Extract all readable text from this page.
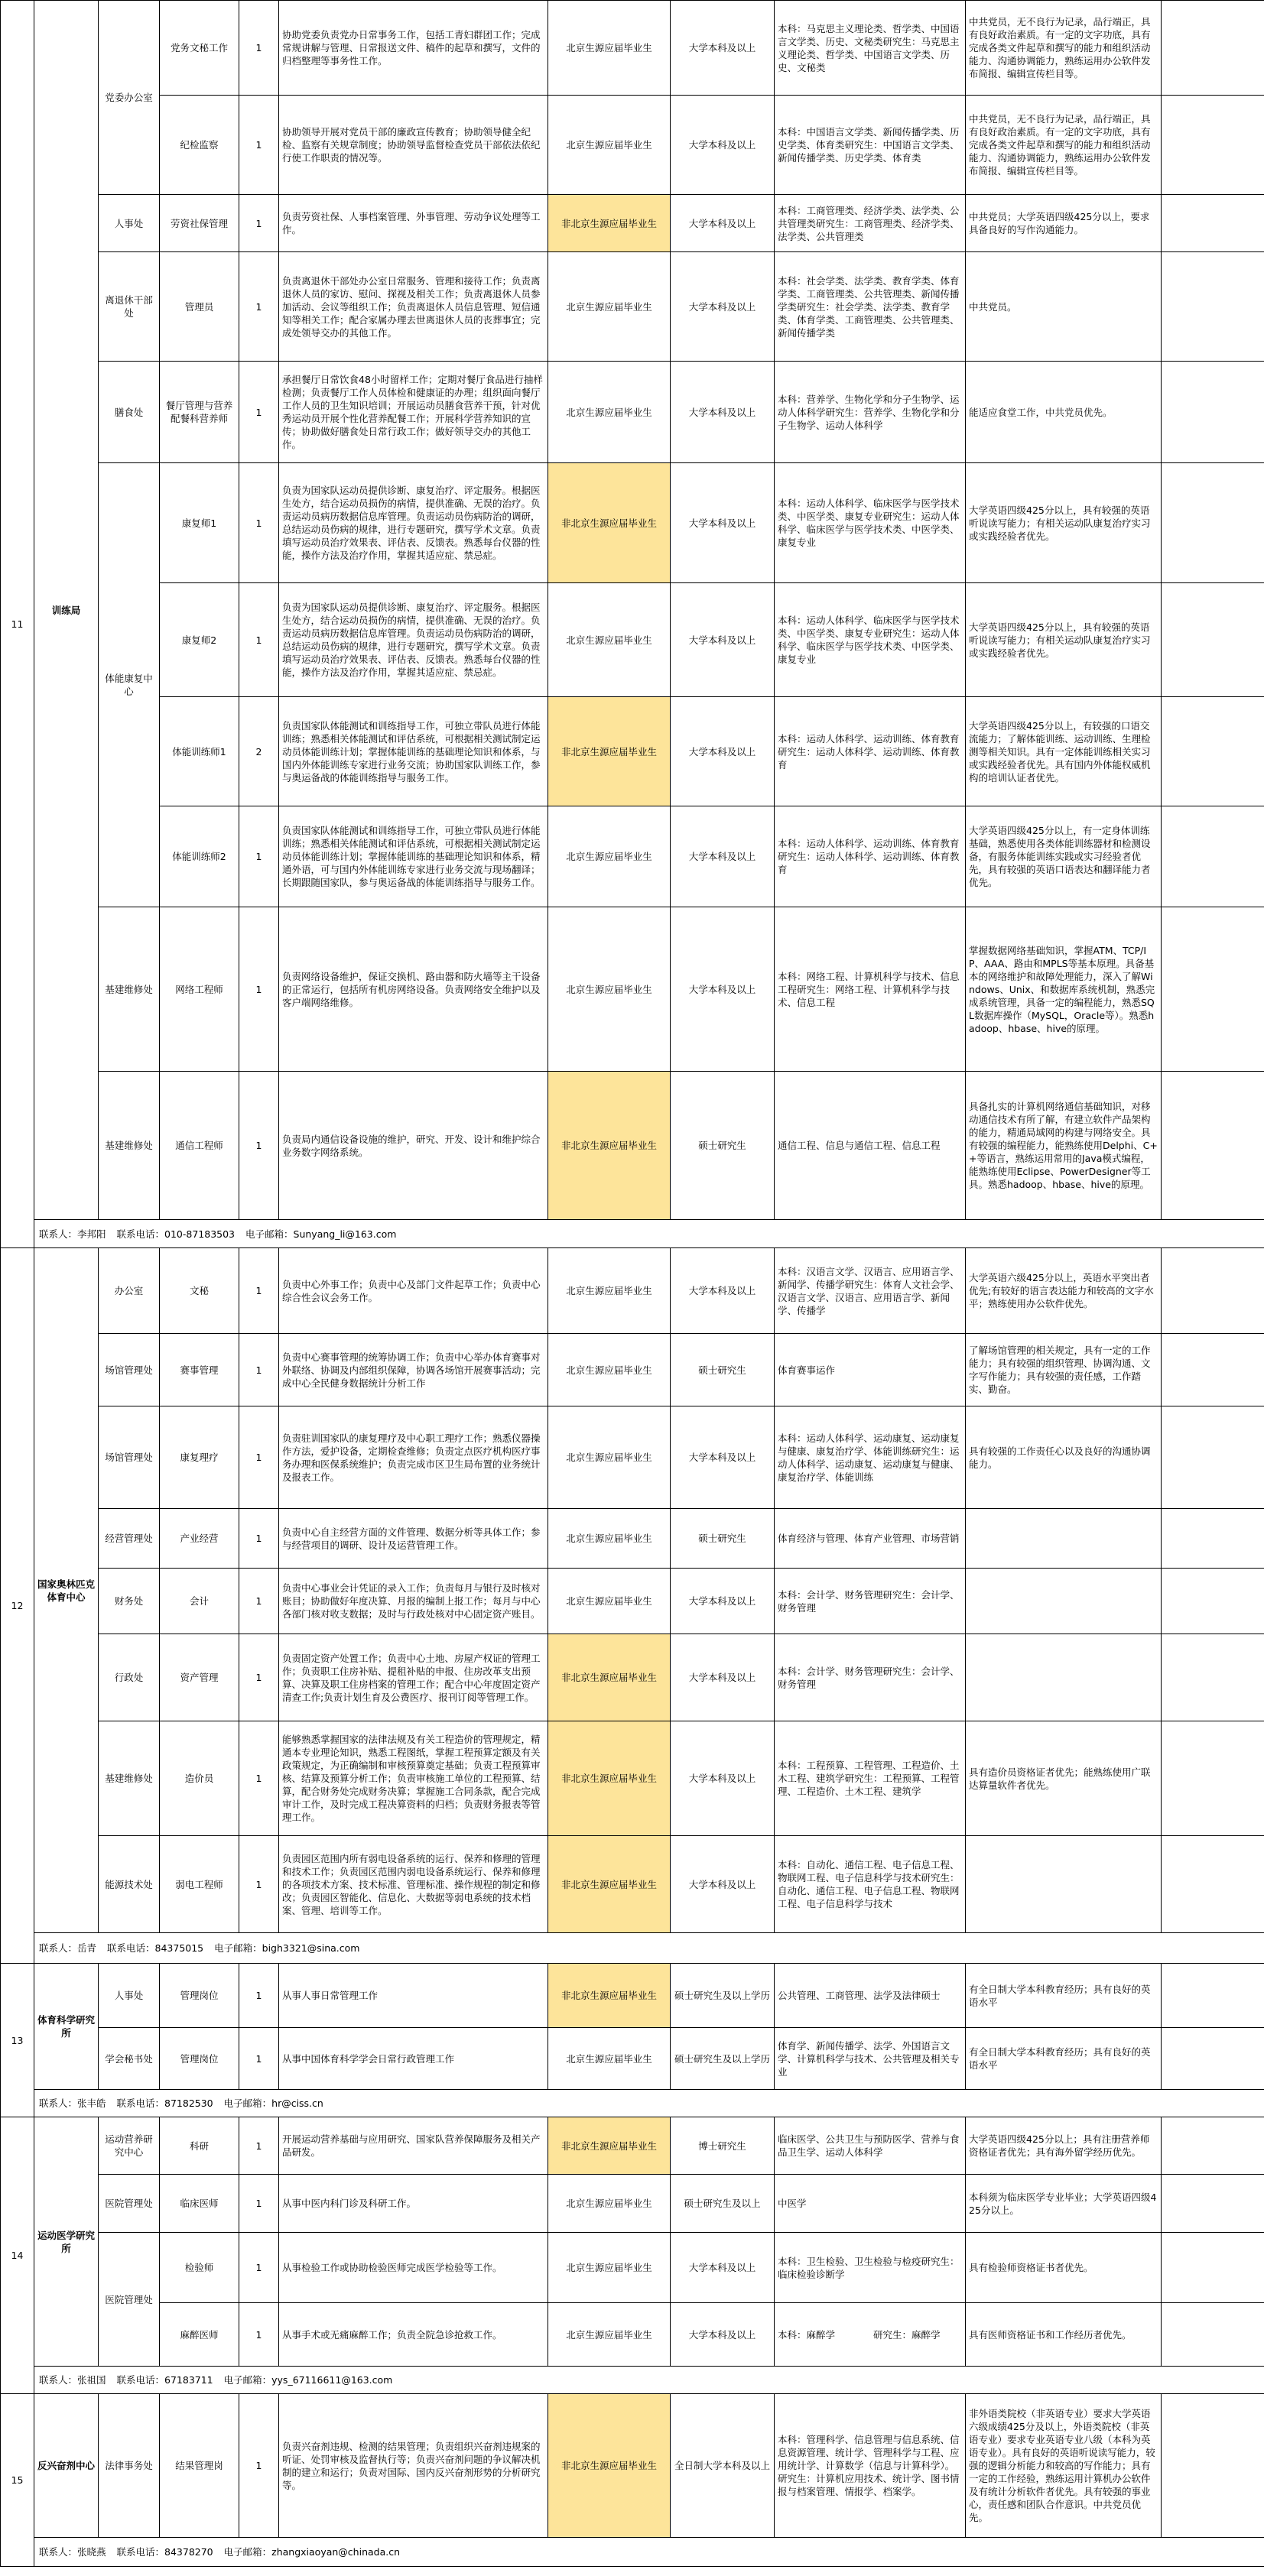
11	训练局	党委办公室	党务文秘工作	1	协助党委负责党办日常事务工作，包括工青妇群团工作；完成常规讲解与管理、日常报送文件、稿件的起草和撰写，文件的归档整理等事务性工作。	北京生源应届毕业生	大学本科及以上	本科：马克思主义理论类、哲学类、中国语言文学类、历史、文秘类研究生：马克思主义理论类、哲学类、中国语言文学类、历史、文秘类	中共党员，无不良行为记录，品行端正，具有良好政治素质。有一定的文字功底，具有完成各类文件起草和撰写的能力和组织活动能力、沟通协调能力，熟练运用办公软件发布简报、编辑宣传栏目等。	
			纪检监察	1	协助领导开展对党员干部的廉政宣传教育；协助领导健全纪检、监察有关规章制度；协助领导监督检查党员干部依法依纪行使工作职责的情况等。	北京生源应届毕业生	大学本科及以上	本科：中国语言文学类、新闻传播学类、历史学类、体育类研究生：中国语言文学类、新闻传播学类、历史学类、体育类	中共党员，无不良行为记录，品行端正，具有良好政治素质。有一定的文字功底，具有完成各类文件起草和撰写的能力和组织活动能力、沟通协调能力，熟练运用办公软件发布简报、编辑宣传栏目等。	
		人事处	劳资社保管理	1	负责劳资社保、人事档案管理、外事管理、劳动争议处理等工作。	非北京生源应届毕业生	大学本科及以上	本科：工商管理类、经济学类、法学类、公共管理类研究生：工商管理类、经济学类、法学类、公共管理类	中共党员；大学英语四级425分以上，要求具备良好的写作沟通能力。	
		离退休干部处	管理员	1	负责离退休干部处办公室日常服务、管理和接待工作；负责离退休人员的家访、慰问、探视及相关工作；负责离退休人员参加活动、会议等组织工作；负责离退休人员信息管理、短信通知等相关工作；配合家属办理去世离退休人员的丧葬事宜；完成处领导交办的其他工作。	北京生源应届毕业生	大学本科及以上	本科：社会学类、法学类、教育学类、体育学类、工商管理类、公共管理类、新闻传播学类研究生：社会学类、法学类、教育学类、体育学类、工商管理类、公共管理类、新闻传播学类	中共党员。	
		膳食处	餐厅管理与营养配餐科营养师	1	承担餐厅日常饮食48小时留样工作；定期对餐厅食品进行抽样检测；负责餐厅工作人员体检和健康证的办理；组织面向餐厅工作人员的卫生知识培训；开展运动员膳食营养干预，针对优秀运动员开展个性化营养配餐工作；开展科学营养知识的宣传；协助做好膳食处日常行政工作；做好领导交办的其他工作。	北京生源应届毕业生	大学本科及以上	本科：营养学、生物化学和分子生物学、运动人体科学研究生：营养学、生物化学和分子生物学、运动人体科学	能适应食堂工作，中共党员优先。	
		体能康复中心	康复师1	1	负责为国家队运动员提供诊断、康复治疗、评定服务。根据医生处方，结合运动员损伤的病情，提供准确、无误的治疗。负责运动员病历数据信息库管理。负责运动员伤病防治的调研，总结运动员伤病的规律，进行专题研究，撰写学术文章。负责填写运动员治疗效果表、评估表、反馈表。熟悉每台仪器的性能，操作方法及治疗作用，掌握其适应症、禁忌症。	非北京生源应届毕业生	大学本科及以上	本科：运动人体科学、临床医学与医学技术类、中医学类、康复专业研究生：运动人体科学、临床医学与医学技术类、中医学类、康复专业	大学英语四级425分以上，具有较强的英语听说读写能力；有相关运动队康复治疗实习或实践经验者优先。	
			康复师2	1	负责为国家队运动员提供诊断、康复治疗、评定服务。根据医生处方，结合运动员损伤的病情，提供准确、无误的治疗。负责运动员病历数据信息库管理。负责运动员伤病防治的调研，总结运动员伤病的规律，进行专题研究，撰写学术文章。负责填写运动员治疗效果表、评估表、反馈表。熟悉每台仪器的性能，操作方法及治疗作用，掌握其适应症、禁忌症。	北京生源应届毕业生	大学本科及以上	本科：运动人体科学、临床医学与医学技术类、中医学类、康复专业研究生：运动人体科学、临床医学与医学技术类、中医学类、康复专业	大学英语四级425分以上，具有较强的英语听说读写能力；有相关运动队康复治疗实习或实践经验者优先。	
			体能训练师1	2	负责国家队体能测试和训练指导工作，可独立带队员进行体能训练；熟悉相关体能测试和评估系统，可根据相关测试制定运动员体能训练计划；掌握体能训练的基础理论知识和体系，与国内外体能训练专家进行业务交流；协助国家队训练工作，参与奥运备战的体能训练指导与服务工作。	非北京生源应届毕业生	大学本科及以上	本科：运动人体科学、运动训练、体育教育研究生：运动人体科学、运动训练、体育教育	大学英语四级425分以上，有较强的口语交流能力；了解体能训练、运动训练、生理检测等相关知识。具有一定体能训练相关实习或实践经验者优先。具有国内外体能权威机构的培训认证者优先。	
			体能训练师2	1	负责国家队体能测试和训练指导工作，可独立带队员进行体能训练；熟悉相关体能测试和评估系统，可根据相关测试制定运动员体能训练计划；掌握体能训练的基础理论知识和体系，精通外语，可与国内外体能训练专家进行业务交流与现场翻译；长期跟随国家队，参与奥运备战的体能训练指导与服务工作。	北京生源应届毕业生	大学本科及以上	本科：运动人体科学、运动训练、体育教育研究生：运动人体科学、运动训练、体育教育	大学英语四级425分以上，有一定身体训练基础，熟悉使用各类体能训练器材和检测设备，有服务体能训练实践或实习经验者优先，具有较强的英语口语表达和翻译能力者优先。	
		基建维修处	网络工程师	1	负责网络设备维护，保证交换机、路由器和防火墙等主干设备的正常运行，包括所有机房网络设备。负责网络安全维护以及客户端网络维修。	北京生源应届毕业生	大学本科及以上	本科：网络工程、计算机科学与技术、信息工程研究生：网络工程、计算机科学与技术、信息工程	掌握数据网络基础知识，掌握ATM、TCP/IP、AAA、路由和MPLS等基本原理。具备基本的网络维护和故障处理能力，深入了解Windows、Unix、和数据库系统机制，熟悉完成系统管理，具备一定的编程能力，熟悉SQL数据库操作（MySQL，Oracle等）。熟悉hadoop、hbase、hive的原理。	
		基建维修处	通信工程师	1	负责局内通信设备设施的维护，研究、开发、设计和维护综合业务数字网络系统。	非北京生源应届毕业生	硕士研究生	通信工程、信息与通信工程、信息工程	具备扎实的计算机网络通信基础知识，对移动通信技术有所了解，有建立软件产品架构的能力，精通局域网的构建与网络安全。具有较强的编程能力，能熟练使用Delphi、C++等语言，熟练运用常用的Java模式编程，能熟练使用Eclipse、PowerDesigner等工具。熟悉hadoop、hbase、hive的原理。	
	联系人：李邦阳 联系电话：010-87183503 电子邮箱：Sunyang_li@163.com									
12	国家奥林匹克体育中心	办公室	文秘	1	负责中心外事工作；负责中心及部门文件起草工作；负责中心综合性会议会务工作。	北京生源应届毕业生	大学本科及以上	本科：汉语言文学、汉语言、应用语言学、新闻学、传播学研究生：体育人文社会学、汉语言文学、汉语言、应用语言学、新闻学、传播学	大学英语六级425分以上，英语水平突出者优先;有较好的语言表达能力和较高的文字水平；熟练使用办公软件优先。	
		场馆管理处	赛事管理	1	负责中心赛事管理的统筹协调工作；负责中心举办体育赛事对外联络、协调及内部组织保障，协调各场馆开展赛事活动；完成中心全民健身数据统计分析工作	北京生源应届毕业生	硕士研究生	体育赛事运作	了解场馆管理的相关规定，具有一定的工作能力；具有较强的组织管理、协调沟通、文字写作能力；具有较强的责任感，工作踏实、勤奋。	
		场馆管理处	康复理疗	1	负责驻训国家队的康复理疗及中心职工理疗工作；熟悉仪器操作方法，爱护设备，定期检查维修；负责定点医疗机构医疗事务办理和医保系统维护；负责完成市区卫生局布置的业务统计及报表工作。	北京生源应届毕业生	大学本科及以上	本科：运动人体科学、运动康复、运动康复与健康、康复治疗学、体能训练研究生：运动人体科学、运动康复、运动康复与健康、康复治疗学、体能训练	具有较强的工作责任心以及良好的沟通协调能力。	
		经营管理处	产业经营	1	负责中心自主经营方面的文件管理、数据分析等具体工作；参与经营项目的调研、设计及运营管理工作。	北京生源应届毕业生	硕士研究生	体育经济与管理、体育产业管理、市场营销		
		财务处	会计	1	负责中心事业会计凭证的录入工作；负责每月与银行及时核对账目；协助做好年度决算、月报的编制上报工作；每月与中心各部门核对收支数据；及时与行政处核对中心固定资产账目。	北京生源应届毕业生	大学本科及以上	本科：会计学、财务管理研究生：会计学、财务管理		
		行政处	资产管理	1	负责固定资产处置工作；负责中心土地、房屋产权证的管理工作；负责职工住房补贴、提租补贴的申报、住房改革支出预算、决算及职工住房档案的管理工作；配合中心年度固定资产清查工作;负责计划生育及公费医疗、报刊订阅等管理工作。	非北京生源应届毕业生	大学本科及以上	本科：会计学、财务管理研究生：会计学、财务管理		
		基建维修处	造价员	1	能够熟悉掌握国家的法律法规及有关工程造价的管理规定，精通本专业理论知识，熟悉工程图纸，掌握工程预算定额及有关政策规定，为正确编制和审核预算奠定基础；负责工程预算审核、结算及预算分析工作；负责审核施工单位的工程预算、结算，配合财务处完成财务决算；掌握施工合同条款，配合完成审计工作，及时完成工程决算资料的归档；负责财务报表等管理工作。	非北京生源应届毕业生	大学本科及以上	本科：工程预算、工程管理、工程造价、土木工程、建筑学研究生：工程预算、工程管理、工程造价、土木工程、建筑学	具有造价员资格证者优先；能熟练使用广联达算量软件者优先。	
		能源技术处	弱电工程师	1	负责园区范围内所有弱电设备系统的运行、保养和修理的管理和技术工作；负责园区范围内弱电设备系统运行、保养和修理的各项技术方案、技术标准、管理标准、操作规程的制定和修改；负责园区智能化、信息化、大数据等弱电系统的技术档案、管理、培训等工作。	非北京生源应届毕业生	大学本科及以上	本科：自动化、通信工程、电子信息工程、物联网工程、电子信息科学与技术研究生：自动化、通信工程、电子信息工程、物联网工程、电子信息科学与技术		
	联系人：岳青 联系电话：84375015 电子邮箱：bigh3321@sina.com									
13	体育科学研究所	人事处	管理岗位	1	从事人事日常管理工作	非北京生源应届毕业生	硕士研究生及以上学历	公共管理、工商管理、法学及法律硕士	有全日制大学本科教育经历；具有良好的英语水平	
		学会秘书处	管理岗位	1	从事中国体育科学学会日常行政管理工作	北京生源应届毕业生	硕士研究生及以上学历	体育学、新闻传播学、法学、外国语言文学、计算机科学与技术、公共管理及相关专业	有全日制大学本科教育经历；具有良好的英语水平	
	联系人：张丰皓 联系电话：87182530 电子邮箱：hr@ciss.cn									
14	运动医学研究所	运动营养研究中心	科研	1	开展运动营养基础与应用研究、国家队营养保障服务及相关产品研发。	非北京生源应届毕业生	博士研究生	临床医学、公共卫生与预防医学、营养与食品卫生学、运动人体科学	大学英语四级425分以上；具有注册营养师资格证者优先；具有海外留学经历优先。	
		医院管理处	临床医师	1	从事中医内科门诊及科研工作。	北京生源应届毕业生	硕士研究生及以上	中医学	本科须为临床医学专业毕业；大学英语四级425分以上。	
		医院管理处	检验师	1	从事检验工作或协助检验医师完成医学检验等工作。	北京生源应届毕业生	大学本科及以上	本科：卫生检验、卫生检验与检疫研究生：临床检验诊断学	具有检验师资格证书者优先。	
			麻醉医师	1	从事手术或无痛麻醉工作；负责全院急诊抢救工作。	北京生源应届毕业生	大学本科及以上	本科：麻醉学　　　　研究生：麻醉学	具有医师资格证书和工作经历者优先。	
	联系人：张祖国 联系电话：67183711 电子邮箱：yys_67116611@163.com									
15	反兴奋剂中心	法律事务处	结果管理岗	1	负责兴奋剂违规、检测的结果管理；负责组织兴奋剂违规案的听证、处罚审核及监督执行等；负责兴奋剂问题的争议解决机制的建立和运行；负责对国际、国内反兴奋剂形势的分析研究等。	非北京生源应届毕业生	全日制大学本科及以上	本科：管理科学、信息管理与信息系统、信息资源管理、统计学、管理科学与工程、应用统计学、计算数学（信息与计算科学）。研究生：计算机应用技术、统计学、图书情报与档案管理、情报学、档案学。	非外语类院校（非英语专业）要求大学英语六级成绩425分及以上，外语类院校（非英语专业）要求专业英语专业八级（本科为英语专业）。具有良好的英语听说读写能力，较强的逻辑分析能力和较高的写作能力；具有一定的工作经验，熟练运用计算机办公软件及有统计分析软件者优先。具有较强的事业心，责任感和团队合作意识。中共党员优先。	
	联系人：张晓燕 联系电话：84378270 电子邮箱：zhangxiaoyan@chinada.cn									
